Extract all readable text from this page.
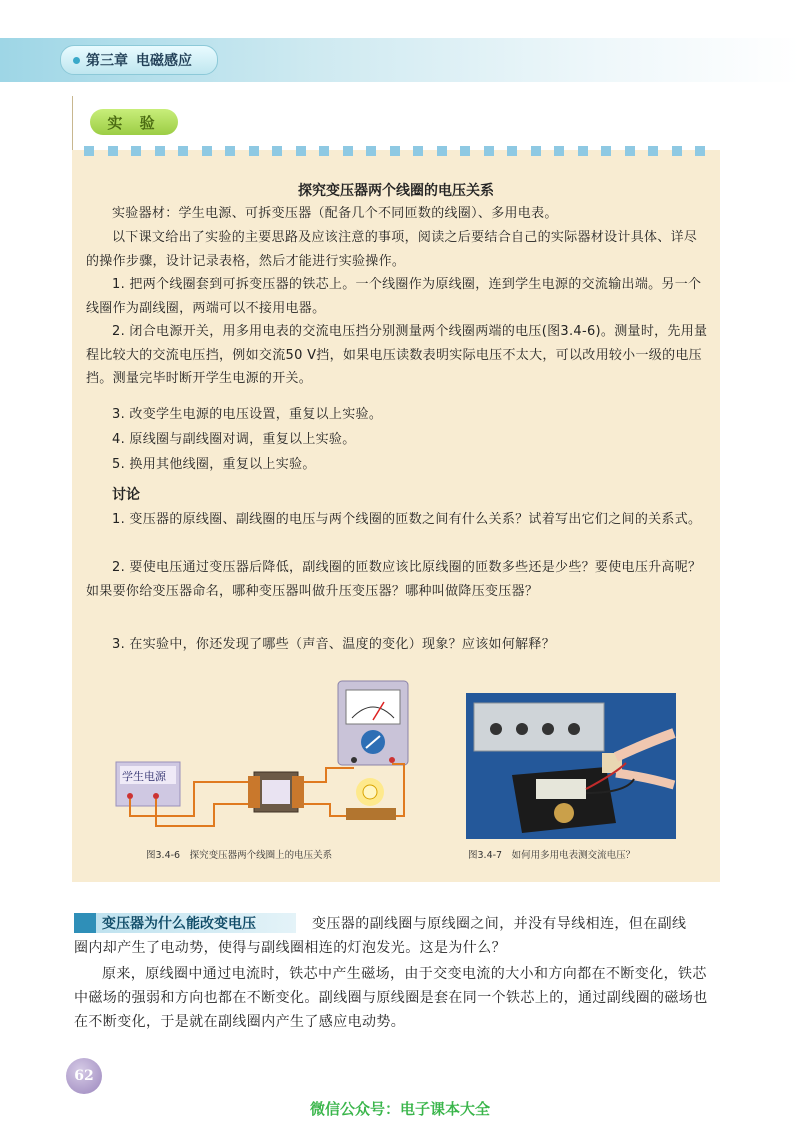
第三章 电磁感应
实 验
探究变压器两个线圈的电压关系
实验器材：学生电源、可拆变压器（配备几个不同匝数的线圈）、多用电表。
以下课文给出了实验的主要思路及应该注意的事项，阅读之后要结合自己的实际器材设计具体、详尽的操作步骤，设计记录表格，然后才能进行实验操作。
1. 把两个线圈套到可拆变压器的铁芯上。一个线圈作为原线圈，连到学生电源的交流输出端。另一个线圈作为副线圈，两端可以不接用电器。
2. 闭合电源开关，用多用电表的交流电压挡分别测量两个线圈两端的电压(图3.4-6)。测量时，先用量程比较大的交流电压挡，例如交流50 V挡，如果电压读数表明实际电压不太大，可以改用较小一级的电压挡。测量完毕时断开学生电源的开关。
3. 改变学生电源的电压设置，重复以上实验。
4. 原线圈与副线圈对调，重复以上实验。
5. 换用其他线圈，重复以上实验。
讨论
1. 变压器的原线圈、副线圈的电压与两个线圈的匝数之间有什么关系？试着写出它们之间的关系式。
2. 要使电压通过变压器后降低，副线圈的匝数应该比原线圈的匝数多些还是少些？要使电压升高呢？如果要你给变压器命名，哪种变压器叫做升压变压器？哪种叫做降压变压器？
3. 在实验中，你还发现了哪些（声音、温度的变化）现象？应该如何解释？
学生电源
图3.4-6　探究变压器两个线圈上的电压关系	图3.4-7　如何用多用电表测交流电压？
变压器为什么能改变电压	变压器的副线圈与原线圈之间，并没有导线相连，但在副线
圈内却产生了电动势，使得与副线圈相连的灯泡发光。这是为什么？
原来，原线圈中通过电流时，铁芯中产生磁场，由于交变电流的大小和方向都在不断变化，铁芯中磁场的强弱和方向也都在不断变化。副线圈与原线圈是套在同一个铁芯上的，通过副线圈的磁场也在不断变化，于是就在副线圈内产生了感应电动势。
62
微信公众号：电子课本大全
